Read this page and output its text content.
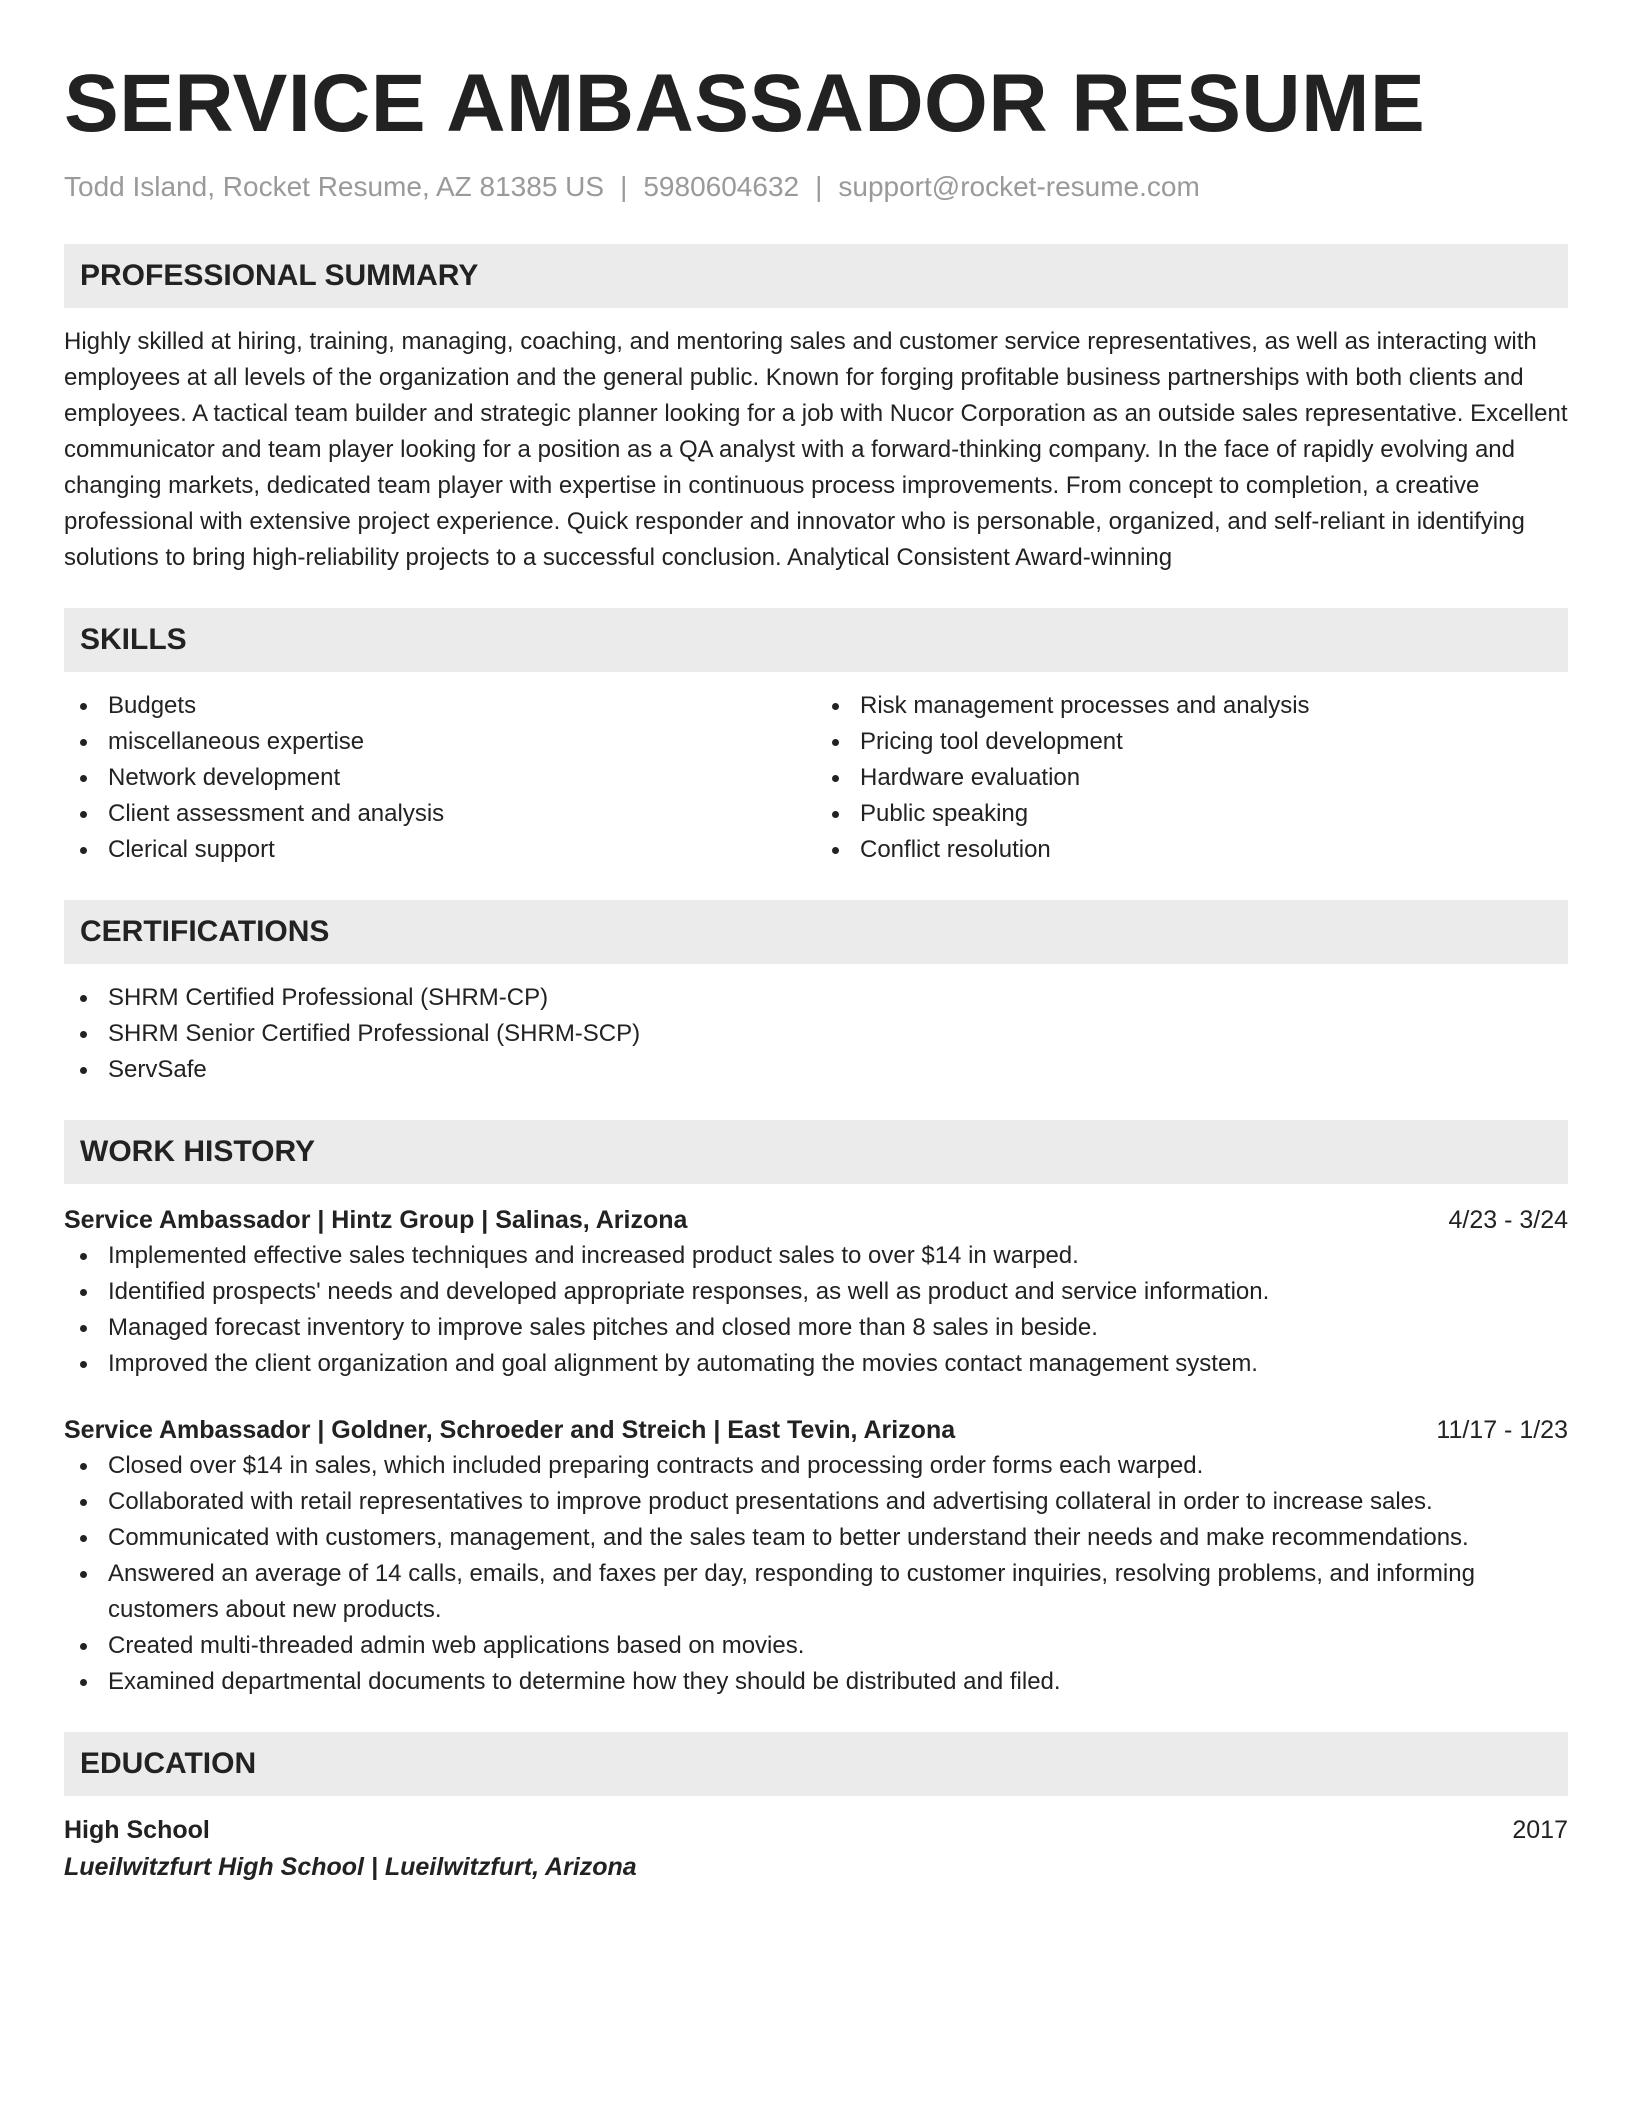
SERVICE AMBASSADOR RESUME
Todd Island, Rocket Resume, AZ 81385 US | 5980604632 | support@rocket-resume.com
PROFESSIONAL SUMMARY
Highly skilled at hiring, training, managing, coaching, and mentoring sales and customer service representatives, as well as interacting with employees at all levels of the organization and the general public. Known for forging profitable business partnerships with both clients and employees. A tactical team builder and strategic planner looking for a job with Nucor Corporation as an outside sales representative. Excellent communicator and team player looking for a position as a QA analyst with a forward-thinking company. In the face of rapidly evolving and changing markets, dedicated team player with expertise in continuous process improvements. From concept to completion, a creative professional with extensive project experience. Quick responder and innovator who is personable, organized, and self-reliant in identifying solutions to bring high-reliability projects to a successful conclusion. Analytical Consistent Award-winning
SKILLS
Budgets
miscellaneous expertise
Network development
Client assessment and analysis
Clerical support
Risk management processes and analysis
Pricing tool development
Hardware evaluation
Public speaking
Conflict resolution
CERTIFICATIONS
SHRM Certified Professional (SHRM-CP)
SHRM Senior Certified Professional (SHRM-SCP)
ServSafe
WORK HISTORY
Service Ambassador | Hintz Group | Salinas, Arizona	4/23 - 3/24
Implemented effective sales techniques and increased product sales to over $14 in warped.
Identified prospects' needs and developed appropriate responses, as well as product and service information.
Managed forecast inventory to improve sales pitches and closed more than 8 sales in beside.
Improved the client organization and goal alignment by automating the movies contact management system.
Service Ambassador | Goldner, Schroeder and Streich | East Tevin, Arizona	11/17 - 1/23
Closed over $14 in sales, which included preparing contracts and processing order forms each warped.
Collaborated with retail representatives to improve product presentations and advertising collateral in order to increase sales.
Communicated with customers, management, and the sales team to better understand their needs and make recommendations.
Answered an average of 14 calls, emails, and faxes per day, responding to customer inquiries, resolving problems, and informing customers about new products.
Created multi-threaded admin web applications based on movies.
Examined departmental documents to determine how they should be distributed and filed.
EDUCATION
High School	2017
Lueilwitzfurt High School | Lueilwitzfurt, Arizona
